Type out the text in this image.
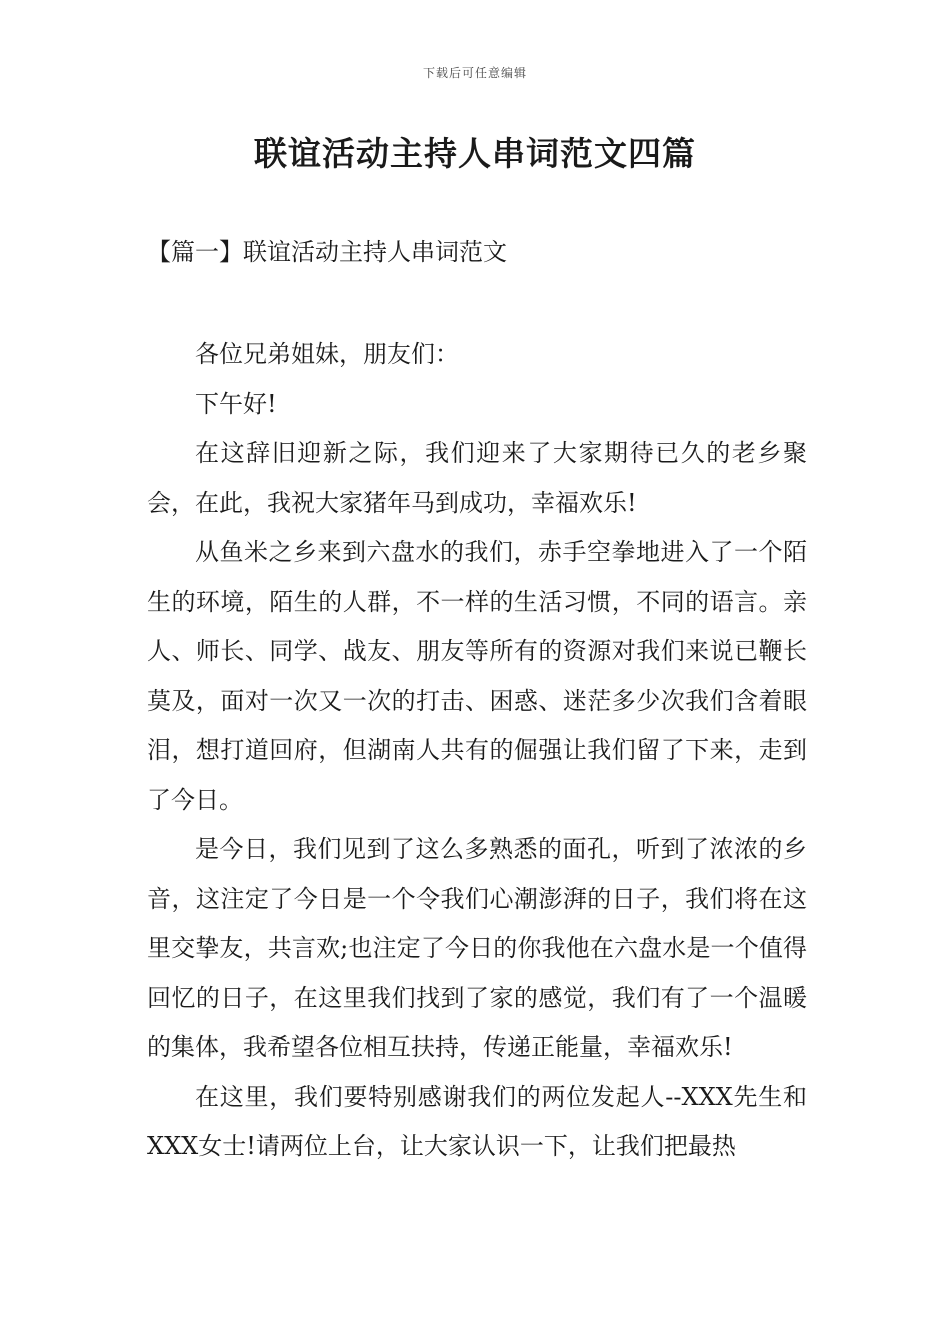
下载后可任意编辑
联谊活动主持人串词范文四篇
【篇一】联谊活动主持人串词范文

各位兄弟姐妹，朋友们：

下午好!

在这辞旧迎新之际，我们迎来了大家期待已久的老乡聚会，在此，我祝大家猪年马到成功，幸福欢乐!

从鱼米之乡来到六盘水的我们，赤手空拳地进入了一个陌生的环境，陌生的人群，不一样的生活习惯，不同的语言。亲人、师长、同学、战友、朋友等所有的资源对我们来说已鞭长莫及，面对一次又一次的打击、困惑、迷茫多少次我们含着眼泪，想打道回府，但湖南人共有的倔强让我们留了下来，走到了今日。

是今日，我们见到了这么多熟悉的面孔，听到了浓浓的乡音，这注定了今日是一个令我们心潮澎湃的日子，我们将在这里交挚友，共言欢;也注定了今日的你我他在六盘水是一个值得回忆的日子，在这里我们找到了家的感觉，我们有了一个温暖的集体，我希望各位相互扶持，传递正能量，幸福欢乐!

在这里，我们要特别感谢我们的两位发起人--XXX先生和XXX女士!请两位上台，让大家认识一下，让我们把最热
